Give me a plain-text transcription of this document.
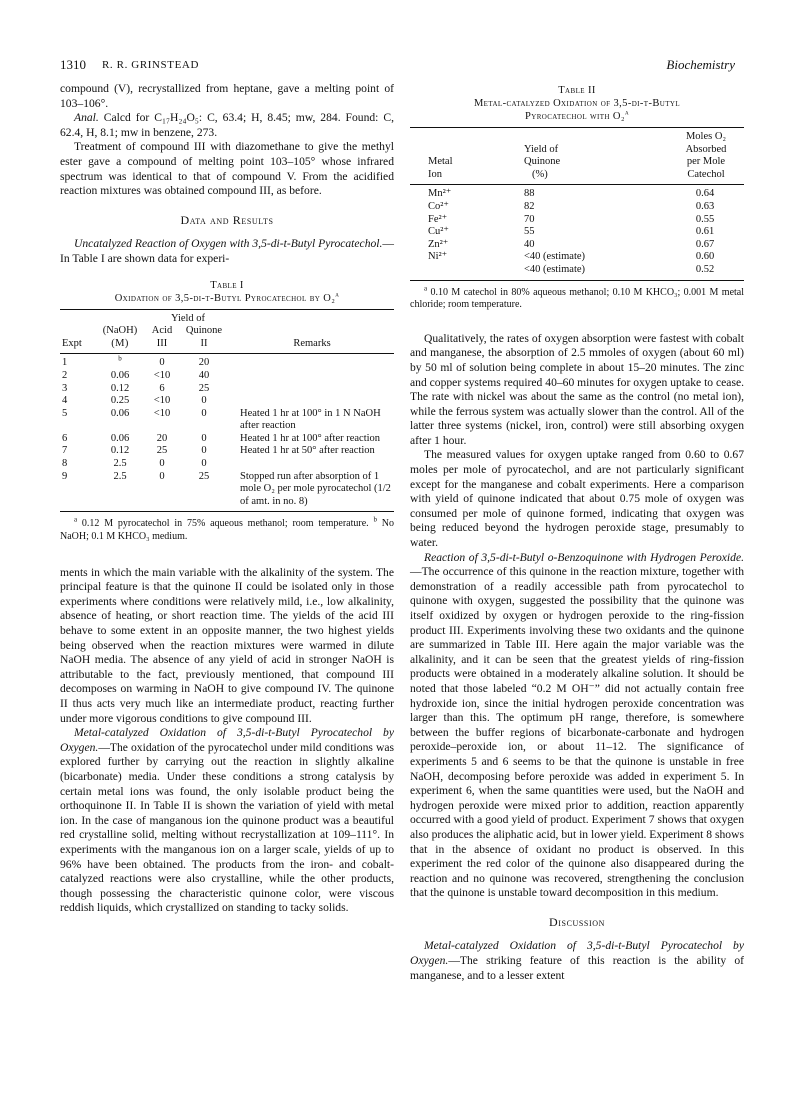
1310 R. R. GRINSTEAD	Biochemistry

compound (V), recrystallized from heptane, gave a melting point of 103–106°.

Anal. Calcd for C₁₇H₂₄O₅: C, 63.4; H, 8.45; mw, 284. Found: C, 62.4, H, 8.1; mw in benzene, 273.

Treatment of compound III with diazomethane to give the methyl ester gave a compound of melting point 103–105° whose infrared spectrum was identical to that of compound V. From the acidified reaction mixtures was obtained compound III, as before.

Data and Results

Uncatalyzed Reaction of Oxygen with 3,5-di-t-Butyl Pyrocatechol.—In Table I are shown data for experi-

Table I
Oxidation of 3,5-di-t-Butyl Pyrocatechol by O₂$^a$
		Yield of		
	(NaOH)	Acid	Quinone	
Expt	(M)	III	II	Remarks
1	$^b$	0	20	
2	0.06	<10	40	
3	0.12	6	25	
4	0.25	<10	0	
5	0.06	<10	0	Heated 1 hr at 100° in 1 N NaOH after reaction
6	0.06	20	0	Heated 1 hr at 100° after reaction
7	0.12	25	0	Heated 1 hr at 50° after reaction
8	2.5	0	0	
9	2.5	0	25	Stopped run after absorption of 1 mole O₂ per mole pyrocatechol (1/2 of amt. in no. 8)

$^a$ 0.12 M pyrocatechol in 75% aqueous methanol; room temperature. $^b$ No NaOH; 0.1 M KHCO₃ medium.

ments in which the main variable with the alkalinity of the system. The principal feature is that the quinone II could be isolated only in those experiments where conditions were relatively mild, i.e., low alkalinity, absence of heating, or short reaction time. The yields of the acid III behave to some extent in an opposite manner, the two highest yields being observed when the reaction mixtures were warmed in dilute NaOH media. The absence of any yield of acid in stronger NaOH is attributable to the fact, previously mentioned, that compound III decomposes on warming in NaOH to give compound IV. The quinone II thus acts very much like an intermediate product, reacting further under more vigorous conditions to give compound III.

Metal-catalyzed Oxidation of 3,5-di-t-Butyl Pyrocatechol by Oxygen.—The oxidation of the pyrocatechol under mild conditions was explored further by carrying out the reaction in slightly alkaline (bicarbonate) media. Under these conditions a strong catalysis by certain metal ions was found, the only isolable product being the orthoquinone II. In Table II is shown the variation of yield with metal ion. In the case of manganous ion the quinone product was a beautiful red crystalline solid, melting without recrystallization at 109–111°. In experiments with the manganous ion on a larger scale, yields of up to 96% have been obtained. The products from the iron- and cobalt-catalyzed reactions were also crystalline, while the other products, though possessing the characteristic quinone color, were viscous reddish liquids, which crystallized on standing to tacky solids.

Table II
Metal-catalyzed Oxidation of 3,5-di-t-Butyl
Pyrocatechol with O₂$^a$
		Moles O₂
	Yield of	Absorbed
Metal	Quinone	per Mole
Ion	(%)	Catechol
Mn²⁺	88	0.64
Co²⁺	82	0.63
Fe²⁺	70	0.55
Cu²⁺	55	0.61
Zn²⁺	40	0.67
Ni²⁺	<40 (estimate)	0.60
	<40 (estimate)	0.52

$^a$ 0.10 M catechol in 80% aqueous methanol; 0.10 M KHCO₃; 0.001 M metal chloride; room temperature.

Qualitatively, the rates of oxygen absorption were fastest with cobalt and manganese, the absorption of 2.5 mmoles of oxygen (about 60 ml) by 50 ml of solution being complete in about 15–20 minutes. The zinc and copper systems required 40–60 minutes for oxygen uptake to cease. The rate with nickel was about the same as the control (no metal ion), while the ferrous system was actually slower than the control. All of the latter three systems (nickel, iron, control) were still absorbing oxygen after 1 hour.

The measured values for oxygen uptake ranged from 0.60 to 0.67 moles per mole of pyrocatechol, and are not particularly significant except for the manganese and cobalt experiments. Here a comparison with yield of quinone indicated that about 0.75 mole of oxygen was consumed per mole of quinone formed, indicating that oxygen was being reduced beyond the hydrogen peroxide stage, presumably to water.

Reaction of 3,5-di-t-Butyl o-Benzoquinone with Hydrogen Peroxide.—The occurrence of this quinone in the reaction mixture, together with demonstration of a readily accessible path from pyrocatechol to quinone with oxygen, suggested the possibility that the quinone was itself oxidized by oxygen or hydrogen peroxide to the ring-fission product III. Experiments involving these two oxidants and the quinone are summarized in Table III. Here again the major variable was the alkalinity, and it can be seen that the greatest yields of ring-fission products were obtained in a moderately alkaline solution. It should be noted that those labeled “0.2 M OH⁻” did not actually contain free hydroxide ion, since the initial hydrogen peroxide concentration was larger than this. The optimum pH range, therefore, is somewhere between the buffer regions of bicarbonate-carbonate and hydrogen peroxide–peroxide ion, or about 11–12. The significance of experiments 5 and 6 seems to be that the quinone is unstable in free NaOH, decomposing before peroxide was added in experiment 5. In experiment 6, when the same quantities were used, but the NaOH and hydrogen peroxide were mixed prior to addition, reaction apparently occurred with a good yield of product. Experiment 7 shows that oxygen also produces the aliphatic acid, but in lower yield. Experiment 8 shows that in the absence of oxidant no product is observed. In this experiment the red color of the quinone also disappeared during the reaction and no quinone was recovered, strengthening the conclusion that the quinone is unstable toward decomposition in this medium.

Discussion

Metal-catalyzed Oxidation of 3,5-di-t-Butyl Pyrocatechol by Oxygen.—The striking feature of this reaction is the ability of manganese, and to a lesser extent
